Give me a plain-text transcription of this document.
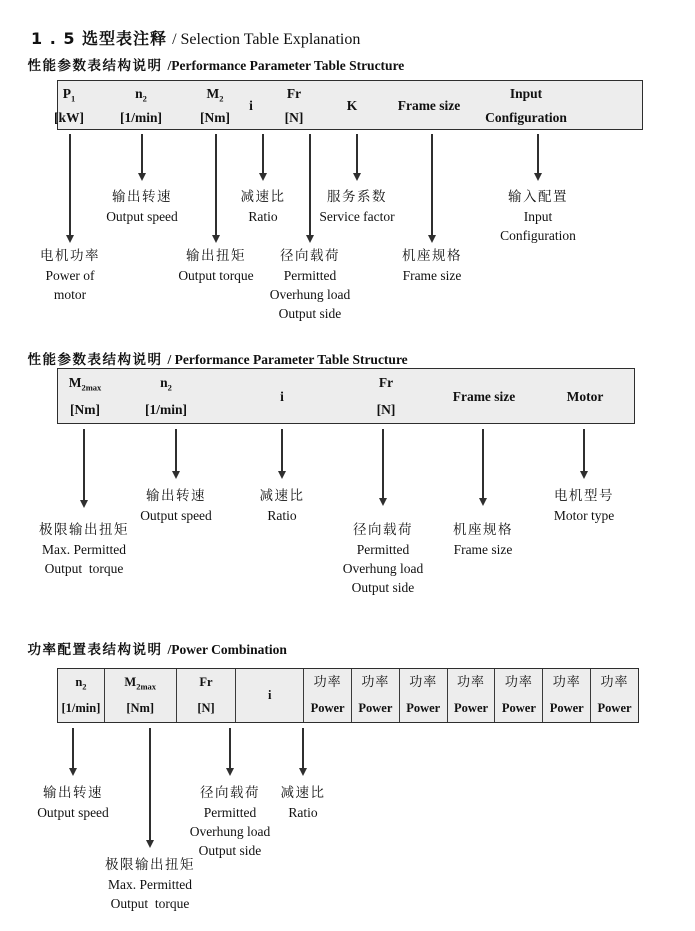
1 . 5 选型表注释 / Selection Table Explanation

性能参数表结构说明 /Performance Parameter Table Structure

$P_1$
[kW]
$n_2$
[1/min]
$M_2$
[Nm]
i
Fr
[N]
K	Frame size
Input
Configuration
电机功率
Power of
motor
输出转速
Output speed
输出扭矩
Output torque
减速比
Ratio
径向载荷
Permitted
Overhung load
Output side
服务系数
Service factor
机座规格
Frame size
输入配置
Input
Configuration

性能参数表结构说明 / Performance Parameter Table Structure

$M_{2max}$
[Nm]
$n_2$
[1/min]
i
Fr
[N]
Frame size	Motor
极限输出扭矩
Max. Permitted
Output  torque
输出转速
Output speed
减速比
Ratio
径向载荷
Permitted
Overhung load
Output side
机座规格
Frame size
电机型号
Motor type

功率配置表结构说明 /Power Combination

$n_2$
[1/min]
$M_{2max}$
[Nm]
Fr
[N]
i
功率
Power
功率
Power
功率
Power
功率
Power
功率
Power
功率
Power
功率
Power
输出转速
Output speed
极限输出扭矩
Max. Permitted
Output  torque
径向载荷
Permitted
Overhung load
Output side
减速比
Ratio
